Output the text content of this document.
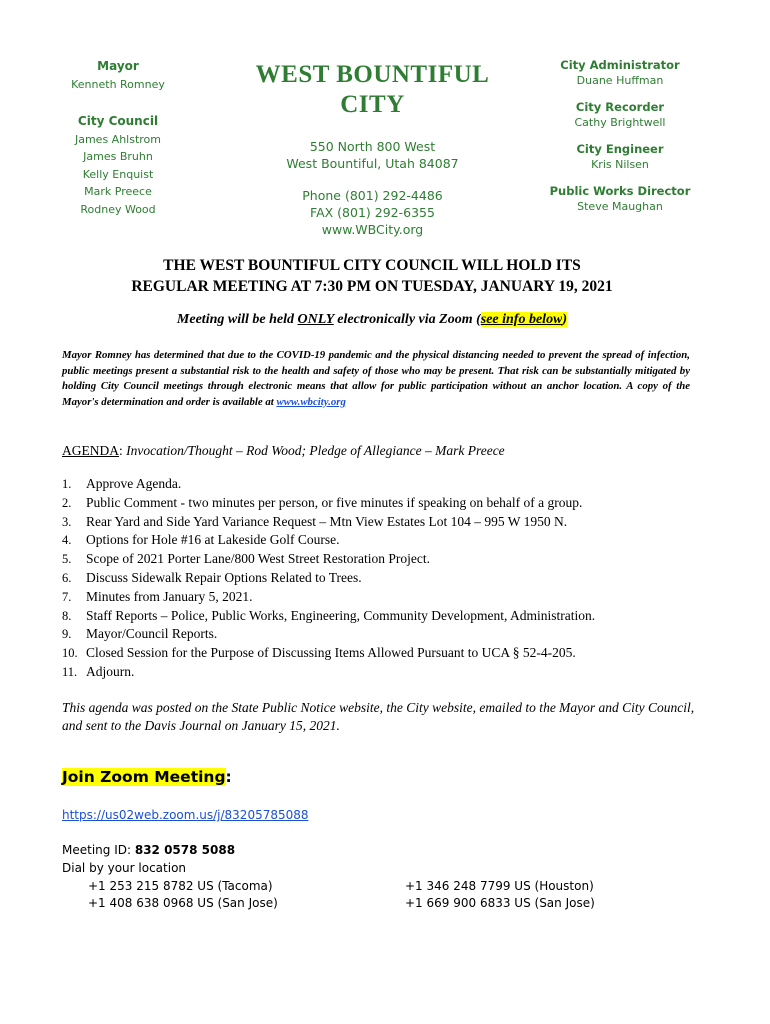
Mayor
Kenneth Romney
City Council
James Ahlstrom
James Bruhn
Kelly Enquist
Mark Preece
Rodney Wood
WEST BOUNTIFUL CITY
550 North 800 West
West Bountiful, Utah 84087
Phone (801) 292-4486
FAX (801) 292-6355
www.WBCity.org
City Administrator
Duane Huffman
City Recorder
Cathy Brightwell
City Engineer
Kris Nilsen
Public Works Director
Steve Maughan
THE WEST BOUNTIFUL CITY COUNCIL WILL HOLD ITS
REGULAR MEETING AT 7:30 PM ON TUESDAY, JANUARY 19, 2021
Meeting will be held ONLY electronically via Zoom (see info below)
Mayor Romney has determined that due to the COVID-19 pandemic and the physical distancing needed to prevent the spread of infection, public meetings present a substantial risk to the health and safety of those who may be present. That risk can be substantially mitigated by holding City Council meetings through electronic means that allow for public participation without an anchor location. A copy of the Mayor's determination and order is available at www.wbcity.org
AGENDA: Invocation/Thought – Rod Wood; Pledge of Allegiance – Mark Preece
1.	Approve Agenda.
2.	Public Comment - two minutes per person, or five minutes if speaking on behalf of a group.
3.	Rear Yard and Side Yard Variance Request – Mtn View Estates Lot 104 – 995 W 1950 N.
4.	Options for Hole #16 at Lakeside Golf Course.
5.	Scope of 2021 Porter Lane/800 West Street Restoration Project.
6.	Discuss Sidewalk Repair Options Related to Trees.
7.	Minutes from January 5, 2021.
8.	Staff Reports – Police, Public Works, Engineering, Community Development, Administration.
9.	Mayor/Council Reports.
10. Closed Session for the Purpose of Discussing Items Allowed Pursuant to UCA § 52-4-205.
11. Adjourn.
This agenda was posted on the State Public Notice website, the City website, emailed to the Mayor and City Council, and sent to the Davis Journal on January 15, 2021.
Join Zoom Meeting:
https://us02web.zoom.us/j/83205785088
Meeting ID: 832 0578 5088
Dial by your location
+1 253 215 8782 US (Tacoma)	+1 346 248 7799 US (Houston)
+1 408 638 0968 US (San Jose)	+1 669 900 6833 US (San Jose)
